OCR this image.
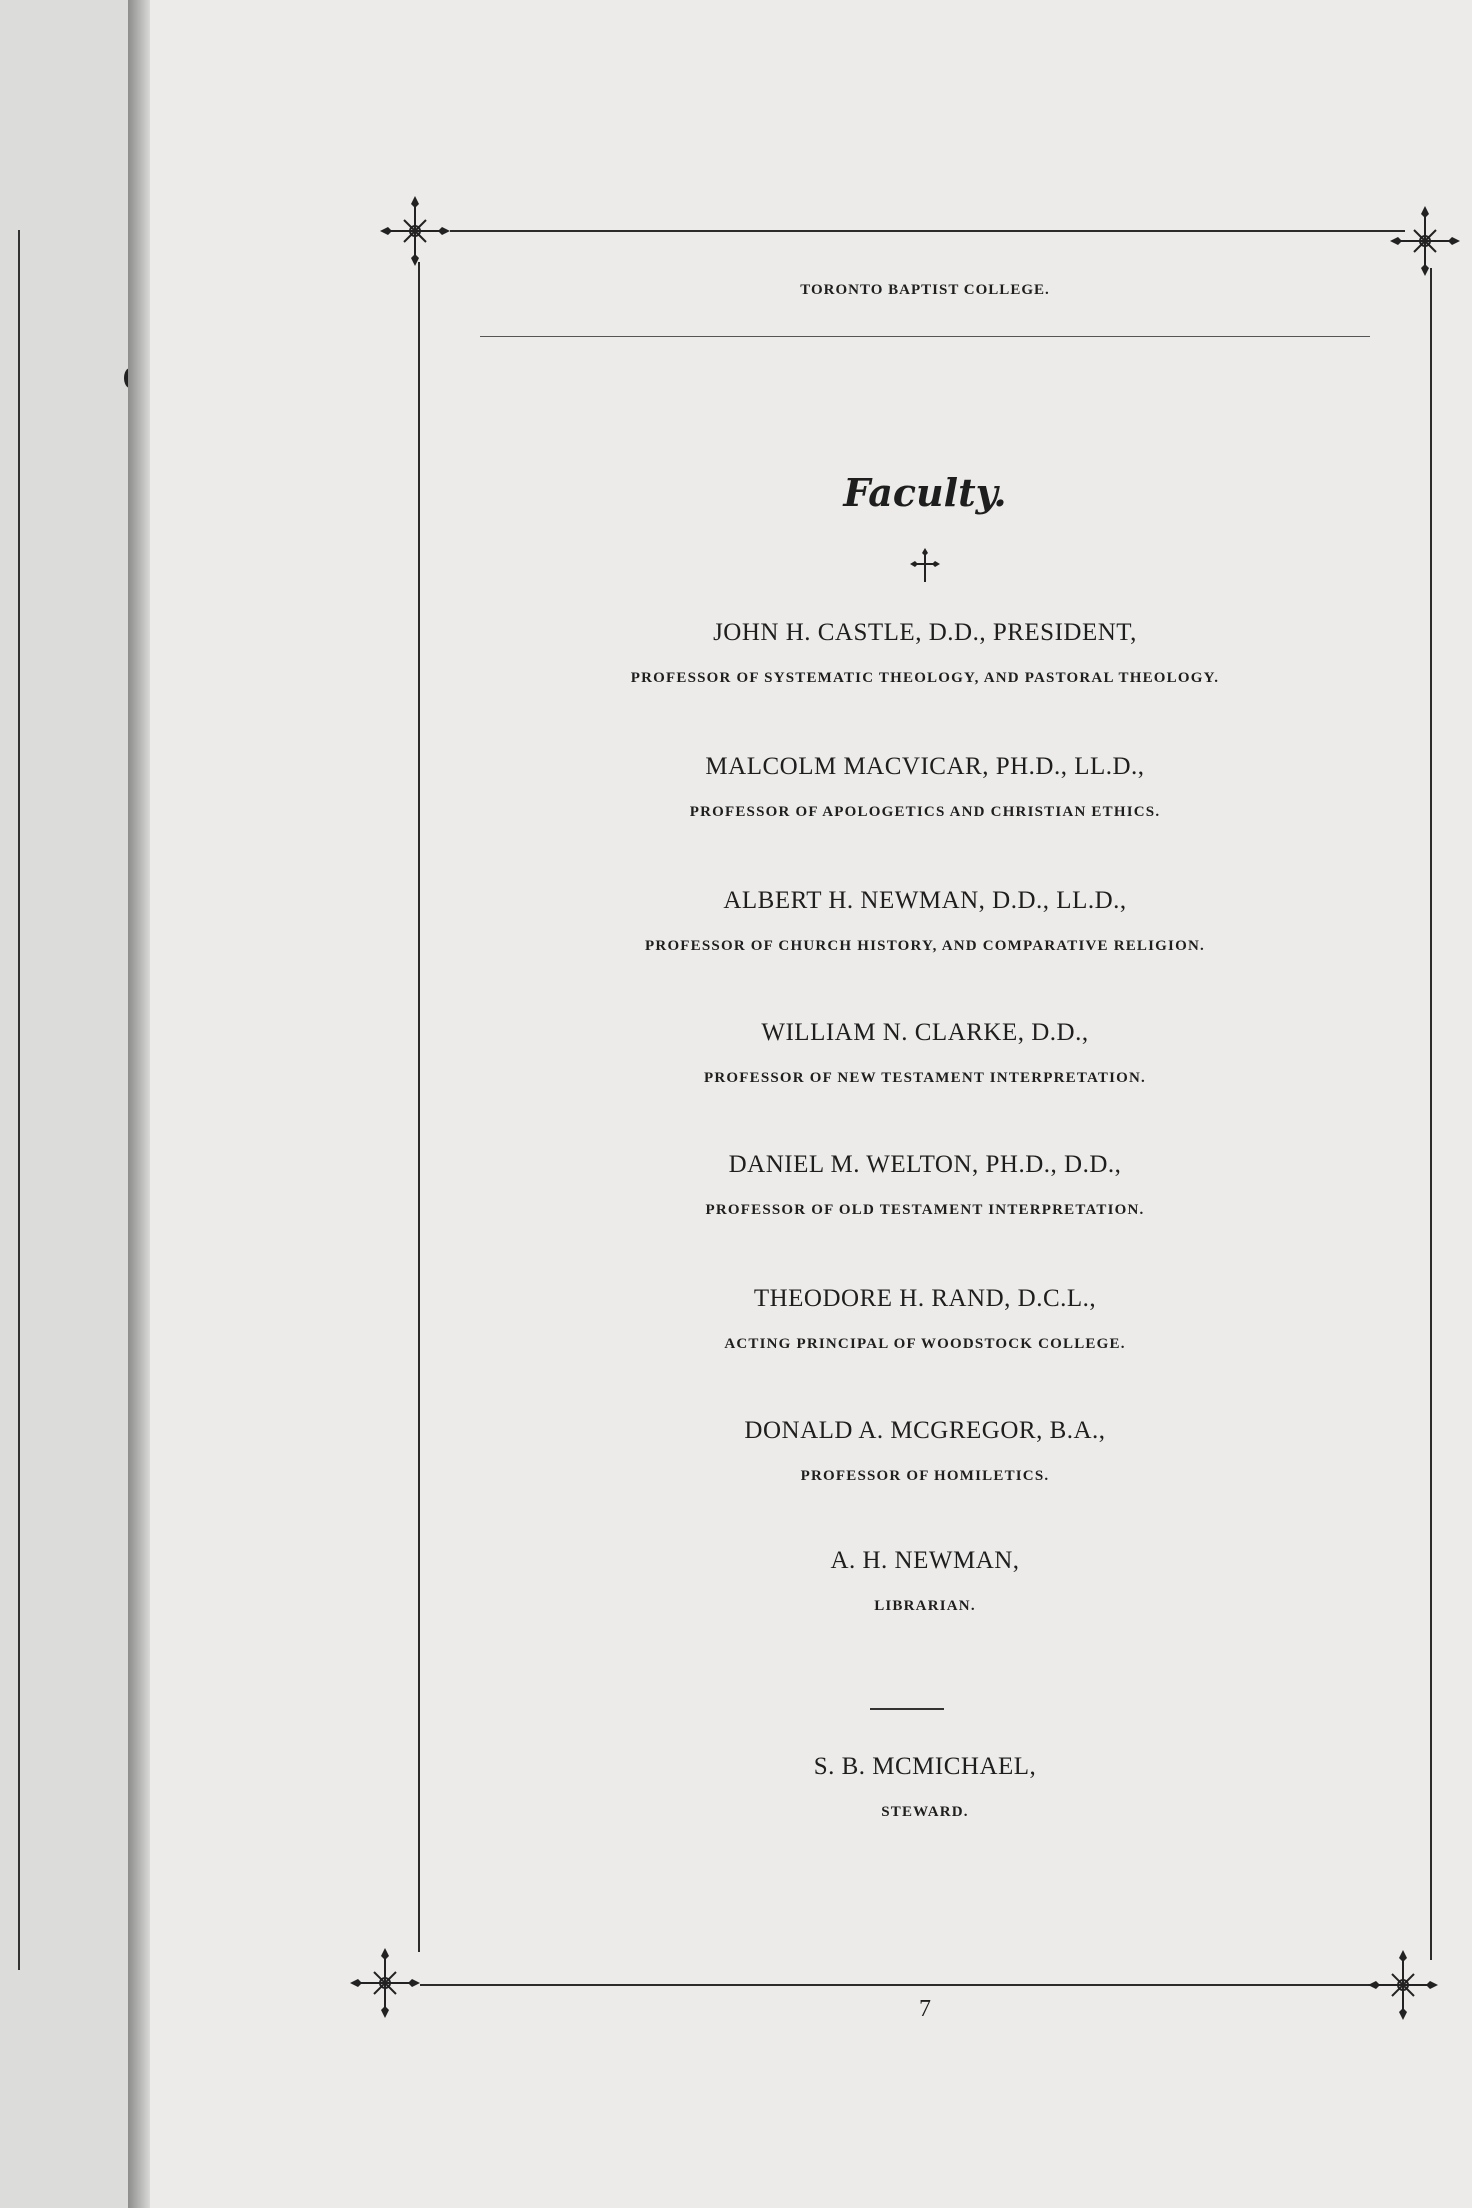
TORONTO BAPTIST COLLEGE.
Faculty.
JOHN H. CASTLE, D.D., PRESIDENT,
PROFESSOR OF SYSTEMATIC THEOLOGY, AND PASTORAL THEOLOGY.
MALCOLM MACVICAR, PH.D., LL.D.,
PROFESSOR OF APOLOGETICS AND CHRISTIAN ETHICS.
ALBERT H. NEWMAN, D.D., LL.D.,
PROFESSOR OF CHURCH HISTORY, AND COMPARATIVE RELIGION.
WILLIAM N. CLARKE, D.D.,
PROFESSOR OF NEW TESTAMENT INTERPRETATION.
DANIEL M. WELTON, PH.D., D.D.,
PROFESSOR OF OLD TESTAMENT INTERPRETATION.
THEODORE H. RAND, D.C.L.,
ACTING PRINCIPAL OF WOODSTOCK COLLEGE.
DONALD A. MCGREGOR, B.A.,
PROFESSOR OF HOMILETICS.
A. H. NEWMAN,
LIBRARIAN.
S. B. MCMICHAEL,
STEWARD.
7
